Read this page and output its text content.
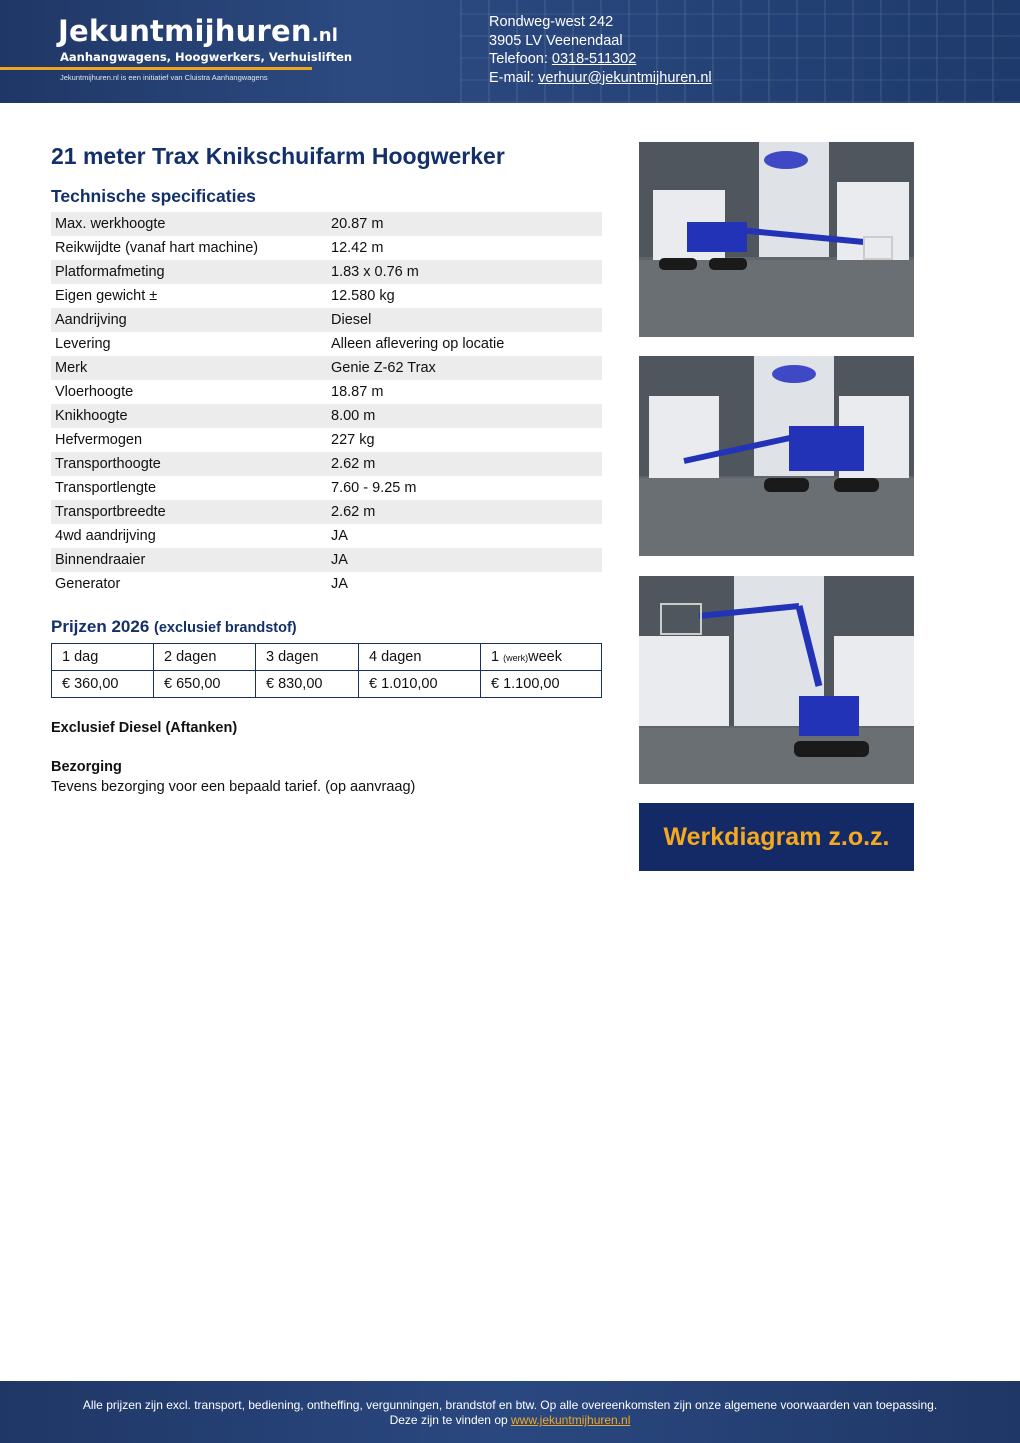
Jekuntmijhuren.nl
Aanhangwagens, Hoogwerkers, Verhuisliften
Jekuntmijhuren.nl is een initiatief van Cluistra Aanhangwagens
Rondweg-west 242
3905 LV Veenendaal
Telefoon: 0318-511302
E-mail: verhuur@jekuntmijhuren.nl
21 meter Trax Knikschuifarm Hoogwerker
Technische specificaties
Max. werkhoogte	20.87 m
Reikwijdte (vanaf hart machine)	12.42 m
Platformafmeting	1.83 x 0.76 m
Eigen gewicht ±	12.580 kg
Aandrijving	Diesel
Levering	Alleen aflevering op locatie
Merk	Genie Z-62 Trax
Vloerhoogte	18.87 m
Knikhoogte	8.00 m
Hefvermogen	227 kg
Transporthoogte	2.62 m
Transportlengte	7.60 - 9.25 m
Transportbreedte	2.62 m
4wd aandrijving	JA
Binnendraaier	JA
Generator	JA
Prijzen 2026 (exclusief brandstof)
1 dag	2 dagen	3 dagen	4 dagen	1 (werk)week
€ 360,00	€ 650,00	€ 830,00	€ 1.010,00	€ 1.100,00
Exclusief Diesel (Aftanken)
Bezorging
Tevens bezorging voor een bepaald tarief. (op aanvraag)
Werkdiagram z.o.z.
Alle prijzen zijn excl. transport, bediening, ontheffing, vergunningen, brandstof en btw. Op alle overeenkomsten zijn onze algemene voorwaarden van toepassing.
Deze zijn te vinden op www.jekuntmijhuren.nl
